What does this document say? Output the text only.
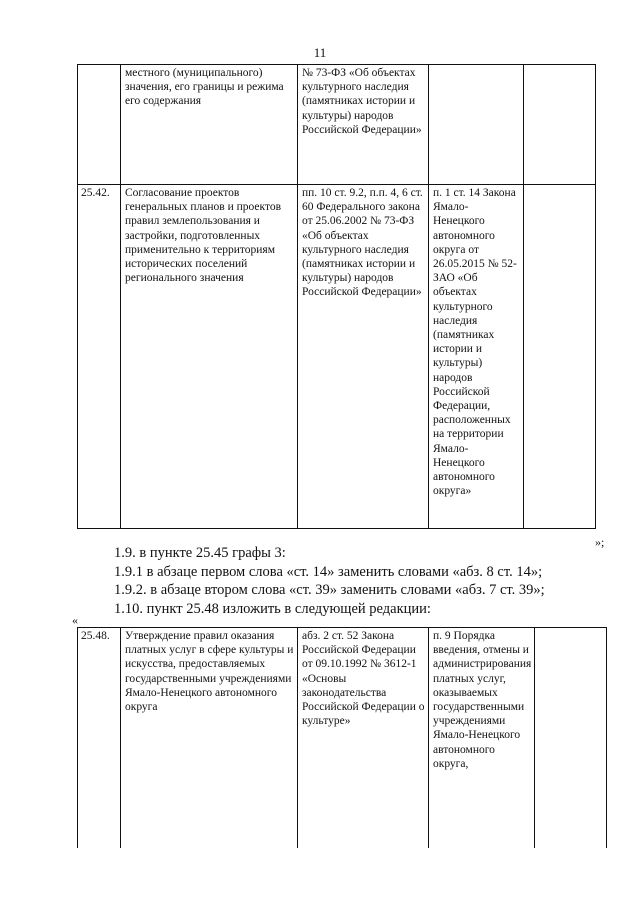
11
	местного (муниципального) значения, его границы и режима его содержания	№ 73-ФЗ «Об объектах культурного наследия (памятниках истории и культуры) народов Российской Федерации»		
25.42.	Согласование проектов генеральных планов и проектов правил землепользования и застройки, подготовленных применительно к территориям исторических поселений регионального значения	пп. 10 ст. 9.2, п.п. 4, 6 ст. 60 Федерального закона от 25.06.2002 № 73-ФЗ «Об объектах культурного наследия (памятниках истории и культуры) народов Российской Федерации»	п. 1 ст. 14 Закона Ямало-Ненецкого автономного округа от 26.05.2015 № 52-ЗАО «Об объектах культурного наследия (памятниках истории и культуры) народов Российской Федерации, расположенных на территории Ямало-Ненецкого автономного округа»	
»;
1.9. в пункте 25.45 графы 3:
1.9.1 в абзаце первом слова «ст. 14» заменить словами «абз. 8 ст. 14»;
1.9.2. в абзаце втором слова «ст. 39» заменить словами «абз. 7 ст. 39»;
1.10. пункт 25.48 изложить в следующей редакции:
«
25.48.	Утверждение правил оказания платных услуг в сфере культуры и искусства, предоставляемых государственными учреждениями Ямало-Ненецкого автономного округа	абз. 2 ст. 52 Закона Российской Федерации от 09.10.1992 № 3612-1 «Основы законодательства Российской Федерации о культуре»	п. 9 Порядка введения, отмены и администрирования платных услуг, оказываемых государственными учреждениями Ямало-Ненецкого автономного округа,	
